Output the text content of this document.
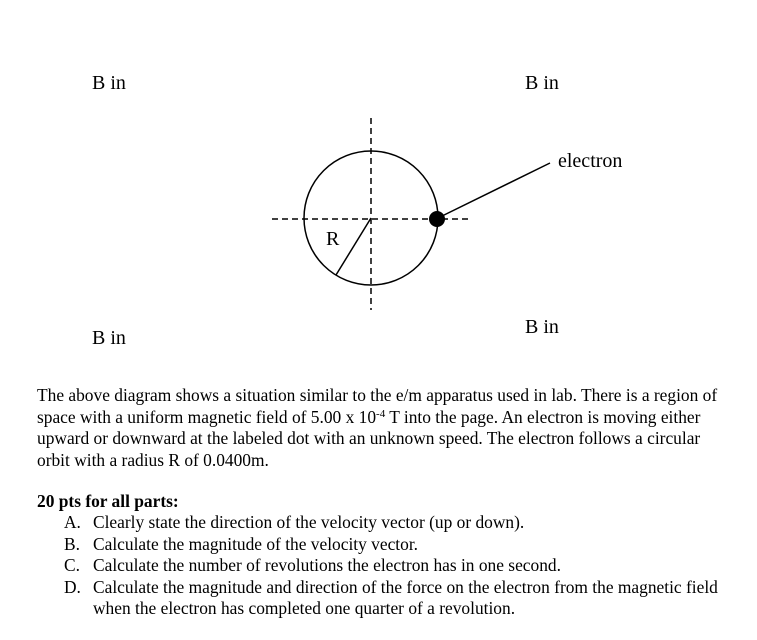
B in	B in
B in	B in
R
electron

The above diagram shows a situation similar to the e/m apparatus used in lab. There is a region of space with a uniform magnetic field of 5.00 x $10^{-4}$ T into the page. An electron is moving either upward or downward at the labeled dot with an unknown speed. The electron follows a circular orbit with a radius R of 0.0400m.

20 pts for all parts:

A. Clearly state the direction of the velocity vector (up or down).
B. Calculate the magnitude of the velocity vector.
C. Calculate the number of revolutions the electron has in one second.
D. Calculate the magnitude and direction of the force on the electron from the magnetic field when the electron has completed one quarter of a revolution.
